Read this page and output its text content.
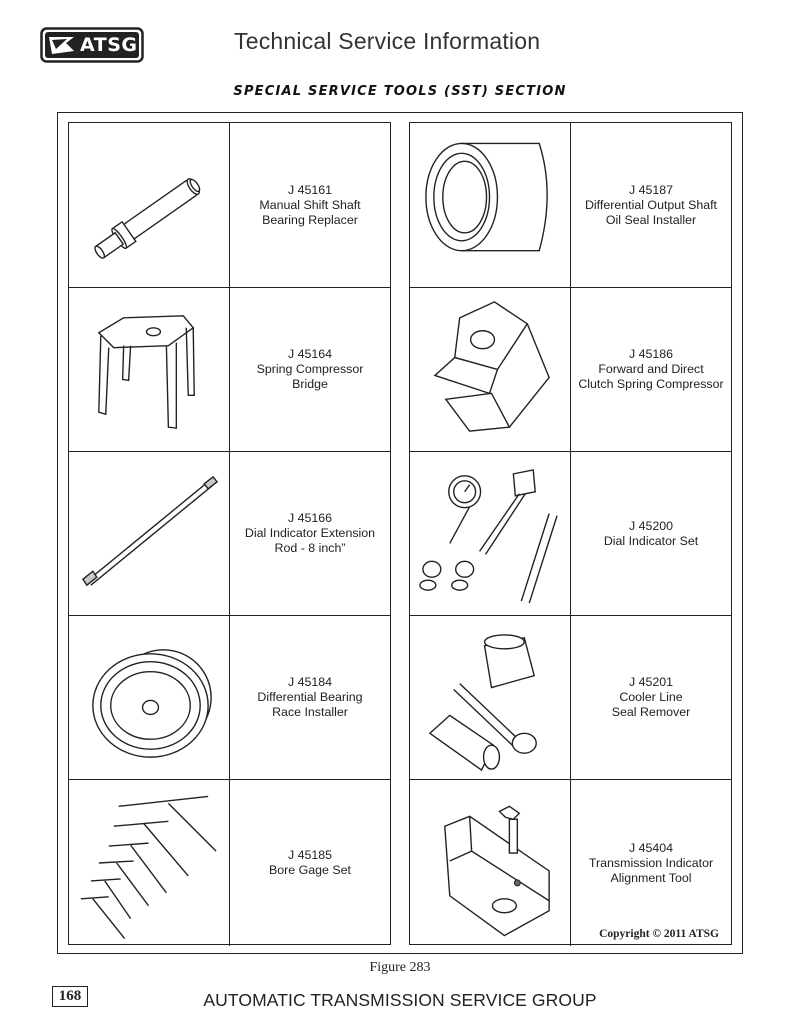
ATSG	Technical Service Information
SPECIAL SERVICE TOOLS (SST) SECTION
J 45161
Manual Shift Shaft
Bearing Replacer
J 45164
Spring Compressor
Bridge
J 45166
Dial Indicator Extension
Rod - 8 inch”
J 45184
Differential Bearing
Race Installer
J 45185
Bore Gage Set
J 45187
Differential Output Shaft
Oil Seal Installer
J 45186
Forward and Direct
Clutch Spring Compressor
J 45200
Dial Indicator Set
J 45201
Cooler Line
Seal Remover
J 45404
Transmission Indicator
Alignment Tool
Copyright © 2011 ATSG
Figure 283
168	AUTOMATIC TRANSMISSION SERVICE GROUP
